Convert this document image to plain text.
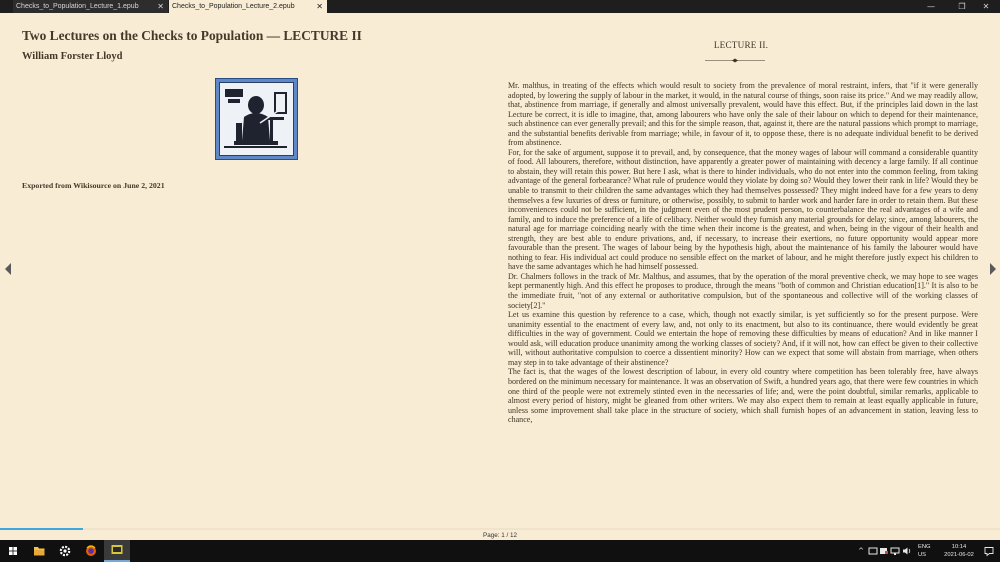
Checks_to_Population_Lecture_1.epub ✕	Checks_to_Population_Lecture_2.epub	✕	—	❐	✕
Two Lectures on the Checks to Population — LECTURE II
William Forster Lloyd
Exported from Wikisource on June 2, 2021
LECTURE II.

Mr. malthus, in treating of the effects which would result to society from the prevalence of moral restraint, infers, that "if it were generally adopted, by lowering the supply of labour in the market, it would, in the natural course of things, soon raise its price." And we may readily allow, that, abstinence from marriage, if generally and almost universally prevalent, would have this effect. But, if the principles laid down in the last Lecture be correct, it is idle to imagine, that, among labourers who have only the sale of their labour on which to depend for their maintenance, such abstinence can ever generally prevail; and this for the simple reason, that, against it, there are the natural passions which prompt to marriage, and the substantial benefits derivable from marriage; while, in favour of it, to oppose these, there is no adequate individual benefit to be derived from abstinence.

For, for the sake of argument, suppose it to prevail, and, by consequence, that the money wages of labour will command a considerable quantity of food. All labourers, therefore, without distinction, have apparently a greater power of maintaining with decency a large family. If all continue to abstain, they will retain this power. But here I ask, what is there to hinder individuals, who do not enter into the common feeling, from taking advantage of the general forbearance? What rule of prudence would they violate by doing so? Would they lower their rank in life? Would they be unable to transmit to their children the same advantages which they had themselves possessed? They might indeed have for a few years to deny themselves a few luxuries of dress or furniture, or otherwise, possibly, to submit to harder work and harder fare in order to retain them. But these inconveniences could not be sufficient, in the judgment even of the most prudent person, to counterbalance the real advantages of a wife and family, and to induce the preference of a life of celibacy. Neither would they furnish any material grounds for delay; since, among labourers, the natural age for marriage coinciding nearly with the time when their income is the greatest, and when, being in the vigour of their health and strength, they are best able to endure privations, and, if necessary, to increase their exertions, no future opportunity would appear more favourable than the present. The wages of labour being by the hypothesis high, about the maintenance of his family the labourer would have nothing to fear. His individual act could produce no sensible effect on the market of labour, and he might therefore justly expect his children to have the same advantages which he had himself possessed.

Dr. Chalmers follows in the track of Mr. Malthus, and assumes, that by the operation of the moral preventive check, we may hope to see wages kept permanently high. And this effect he proposes to produce, through the means "both of common and Christian education[1]." It is also to be the immediate fruit, "not of any external or authoritative compulsion, but of the spontaneous and collective will of the working classes of society[2]."

Let us examine this question by reference to a case, which, though not exactly similar, is yet sufficiently so for the present purpose. Were unanimity essential to the enactment of every law, and, not only to its enactment, but also to its continuance, there would evidently be great difficulties in the way of government. Could we entertain the hope of removing these difficulties by means of education? And in like manner I would ask, will education produce unanimity among the working classes of society? And, if it will not, how can effect be given to their collective will, without authoritative compulsion to coerce a dissentient minority? How can we expect that some will abstain from marriage, when others may step in to take advantage of their abstinence?

The fact is, that the wages of the lowest description of labour, in every old country where competition has been tolerably free, have always bordered on the minimum necessary for maintenance. It was an observation of Swift, a hundred years ago, that there were few countries in which one third of the people were not extremely stinted even in the necessaries of life; and, were the point doubtful, similar remarks, applicable to almost every period of history, might be gleaned from other writers. We may also expect them to remain at least equally applicable in future, unless some improvement shall take place in the structure of society, which shall furnish hopes of an advancement in station, leaving less to chance,

Page: 1 / 12
^	ENG
US
10:14
2021-06-02
